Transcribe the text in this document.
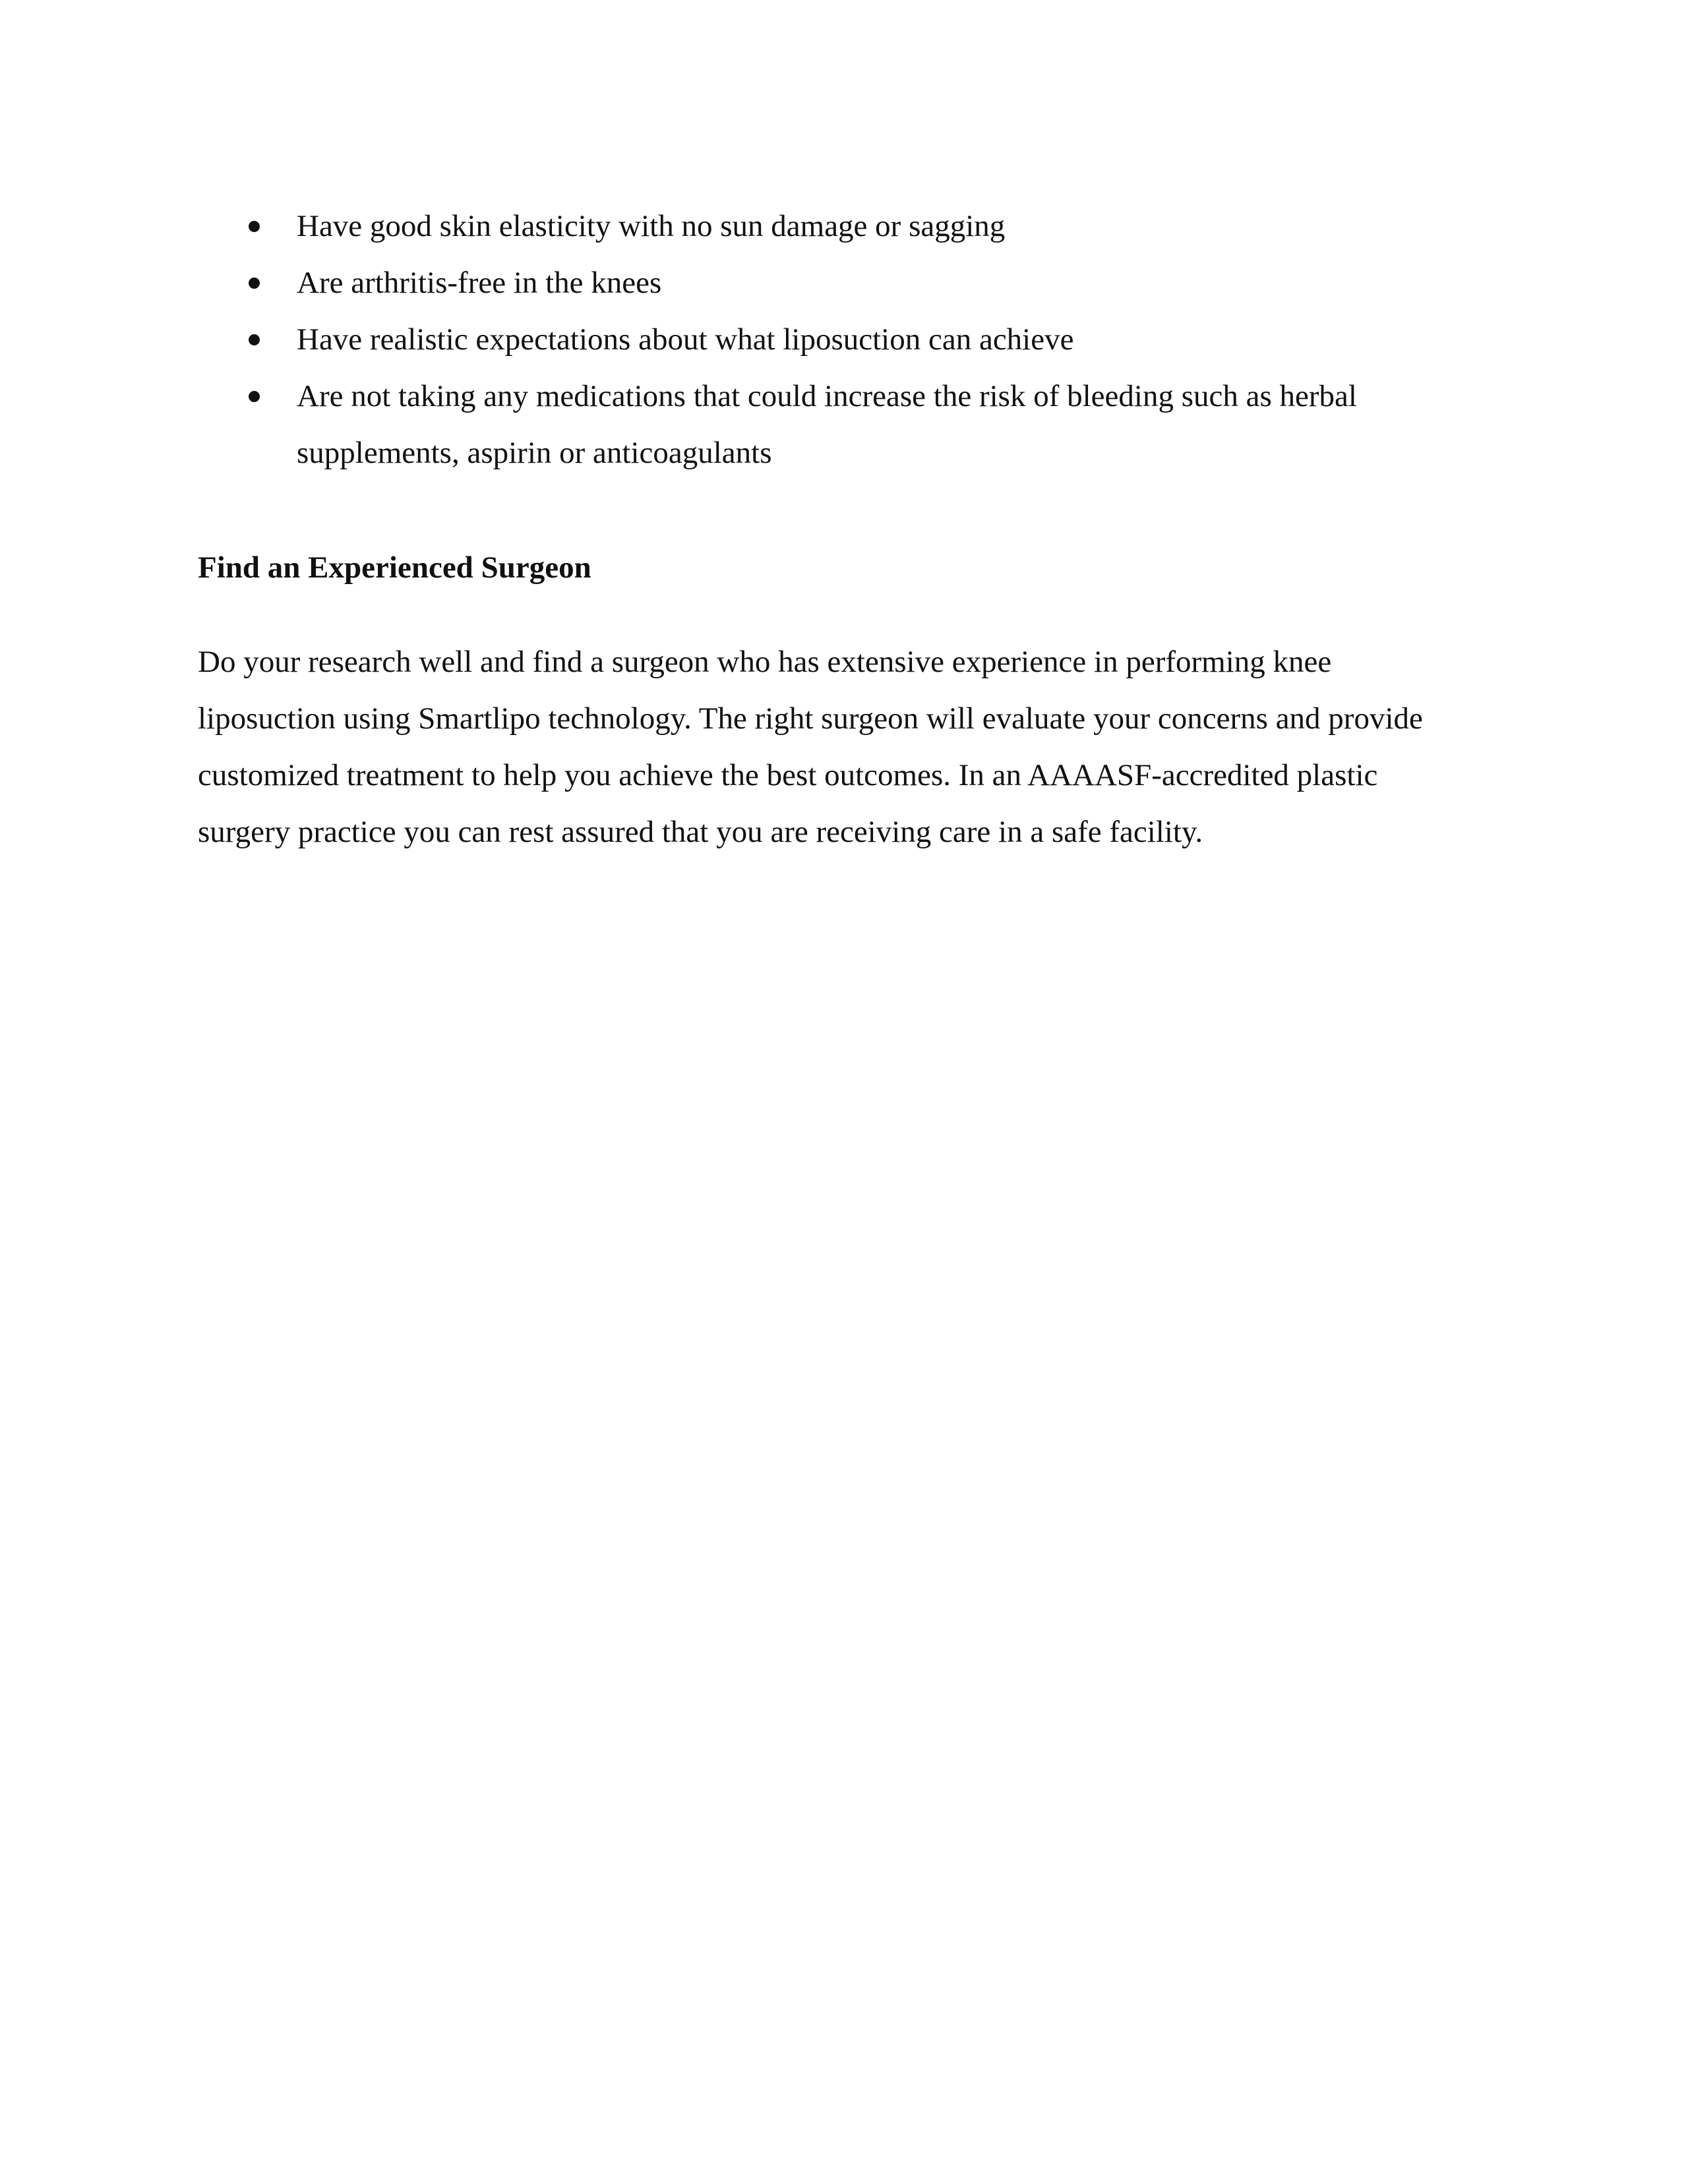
Have good skin elasticity with no sun damage or sagging
Are arthritis-free in the knees
Have realistic expectations about what liposuction can achieve
Are not taking any medications that could increase the risk of bleeding such as herbal supplements, aspirin or anticoagulants
Find an Experienced Surgeon

Do your research well and find a surgeon who has extensive experience in performing knee liposuction using Smartlipo technology. The right surgeon will evaluate your concerns and provide customized treatment to help you achieve the best outcomes. In an AAAASF-accredited plastic surgery practice you can rest assured that you are receiving care in a safe facility.
